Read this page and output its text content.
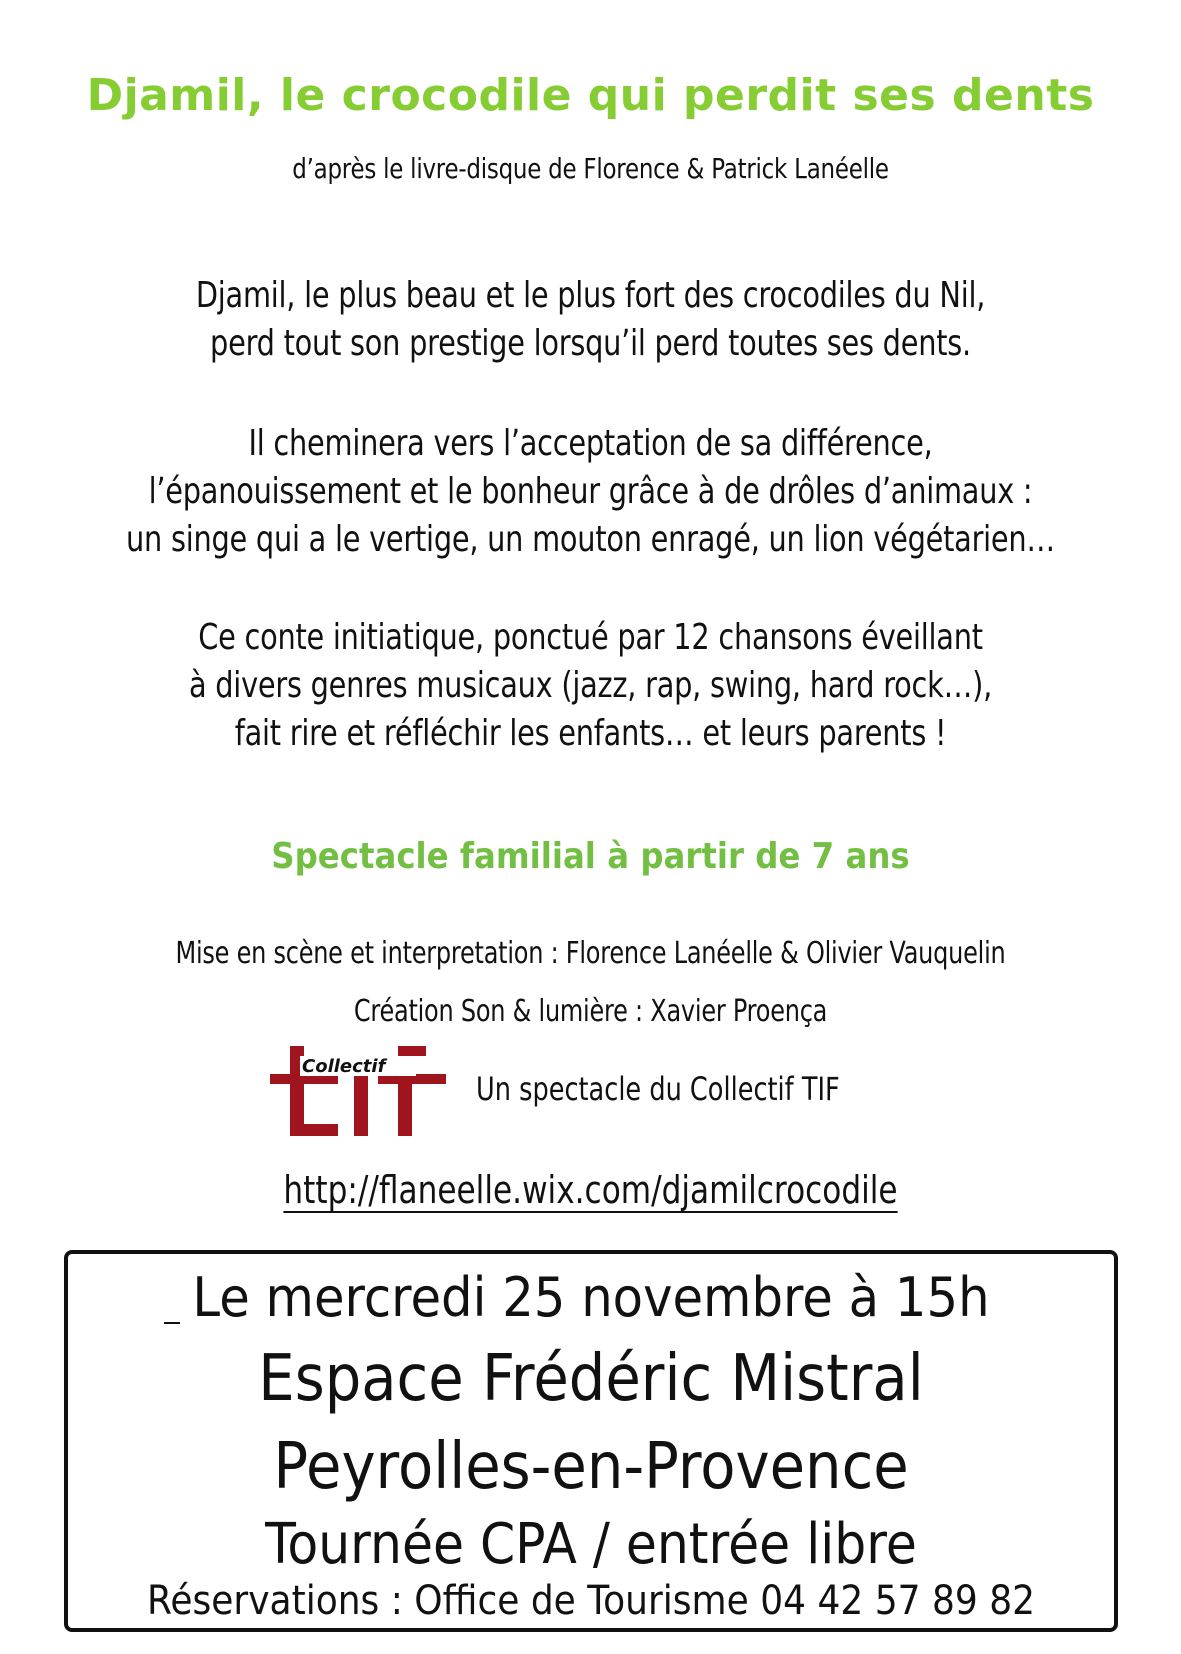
Djamil, le crocodile qui perdit ses dents
d’après le livre-disque de Florence & Patrick Lanéelle
Djamil, le plus beau et le plus fort des crocodiles du Nil,
perd tout son prestige lorsqu’il perd toutes ses dents.
Il cheminera vers l’acceptation de sa différence,
l’épanouissement et le bonheur grâce à de drôles d’animaux :
un singe qui a le vertige, un mouton enragé, un lion végétarien…
Ce conte initiatique, ponctué par 12 chansons éveillant
à divers genres musicaux (jazz, rap, swing, hard rock…),
fait rire et réfléchir les enfants… et leurs parents !
Spectacle familial à partir de 7 ans
Mise en scène et interpretation : Florence Lanéelle & Olivier Vauquelin
Création Son & lumière : Xavier Proença
Collectif
Un spectacle du Collectif TIF
http://flaneelle.wix.com/djamilcrocodile
Le mercredi 25 novembre à 15h
Espace Frédéric Mistral
Peyrolles-en-Provence
Tournée CPA / entrée libre
Réservations : Office de Tourisme 04 42 57 89 82
